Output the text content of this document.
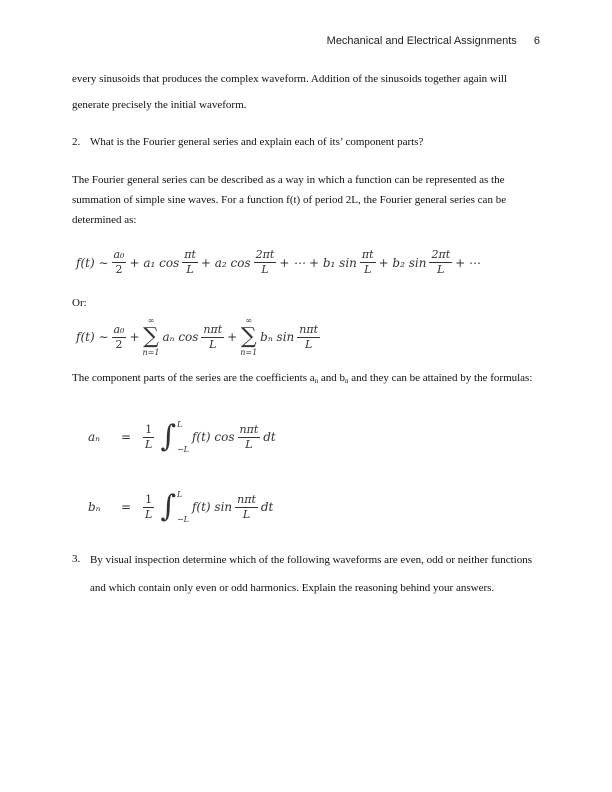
Mechanical and Electrical Assignments 6

every sinusoids that produces the complex waveform. Addition of the sinusoids together again will generate precisely the initial waveform.

2. What is the Fourier general series and explain each of its’ component parts?

The Fourier general series can be described as a way in which a function can be represented as the summation of simple sine waves. For a function f(t) of period 2L, the Fourier general series can be determined as:

f(t) ∼ $\frac{\text{a₀}}{2} + a_1$ $\cos \frac{\pi t}{L} + a_2$ $\cos \frac{2\pi t}{L}$ + ⋯ + b₁ $\sin \frac{\pi t}{L} + b_2$ $\sin \frac{2\pi t}{L}$ + ⋯

Or:

f(t) ∼ $\frac{\text{a₀}}{2}$ +
∞
∑
n=1
aₙ $\cos \frac{\text{nπt}}{L}$ +
∞
∑
n=1
bₙ $\sin \frac{\text{nπt}}{L}$

The component parts of the series are the coefficients an and bn and they can be attained by the formulas:

aₙ	=	$\frac{1}{L}$ ∫ L
−L
f(t) $\cos \frac{\text{nπt}}{L}$ dt
bₙ	=	$\frac{1}{L}$ ∫ L
−L
f(t) $\sin \frac{\text{nπt}}{L}$ dt
3. By visual inspection determine which of the following waveforms are even, odd or neither functions and which contain only even or odd harmonics. Explain the reasoning behind your answers.
